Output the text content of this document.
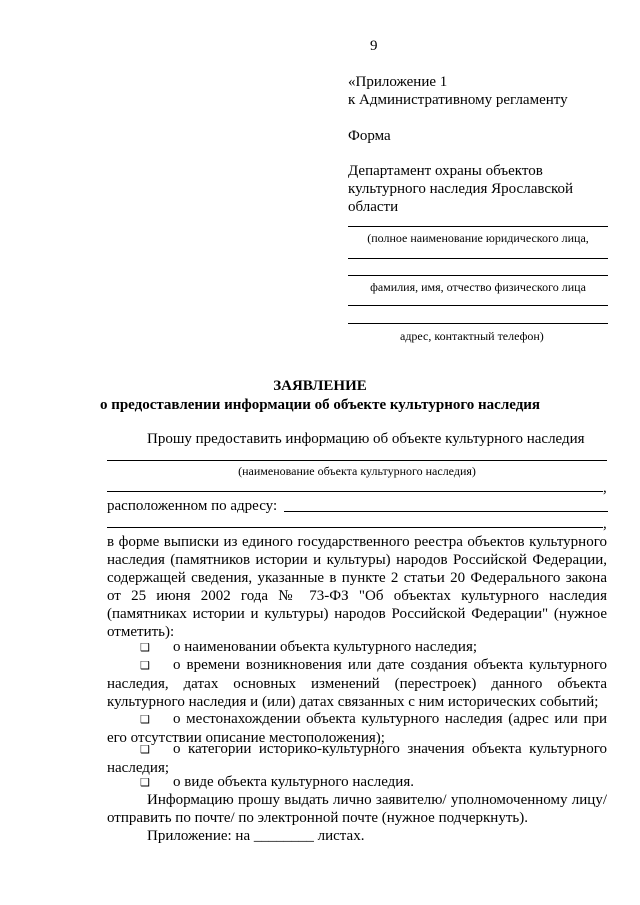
9
«Приложение 1
к Административному регламенту
Форма
Департамент охраны объектов
культурного наследия Ярославской
области
(полное наименование юридического лица,
фамилия, имя, отчество физического лица
адрес, контактный телефон)
ЗАЯВЛЕНИЕ
о предоставлении информации об объекте культурного наследия
Прошу предоставить информацию об объекте культурного наследия
(наименование объекта культурного наследия)
,
расположенном по адресу:
,
в форме выписки из единого государственного реестра объектов культурного наследия (памятников истории и культуры) народов Российской Федерации, содержащей сведения, указанные в пункте 2 статьи 20 Федерального закона от 25 июня 2002 года № 73-ФЗ "Об объектах культурного наследия (памятниках истории и культуры) народов Российской Федерации" (нужное отметить):
❑ о наименовании объекта культурного наследия;
❑ о времени возникновения или дате создания объекта культурного наследия, датах основных изменений (перестроек) данного объекта культурного наследия и (или) датах связанных с ним исторических событий;
❑ о местонахождении объекта культурного наследия (адрес или при его отсутствии описание местоположения);
❑ о категории историко-культурного значения объекта культурного наследия;
❑ о виде объекта культурного наследия.
Информацию прошу выдать лично заявителю/ уполномоченному лицу/ отправить по почте/ по электронной почте (нужное подчеркнуть).
Приложение: на ________ листах.
